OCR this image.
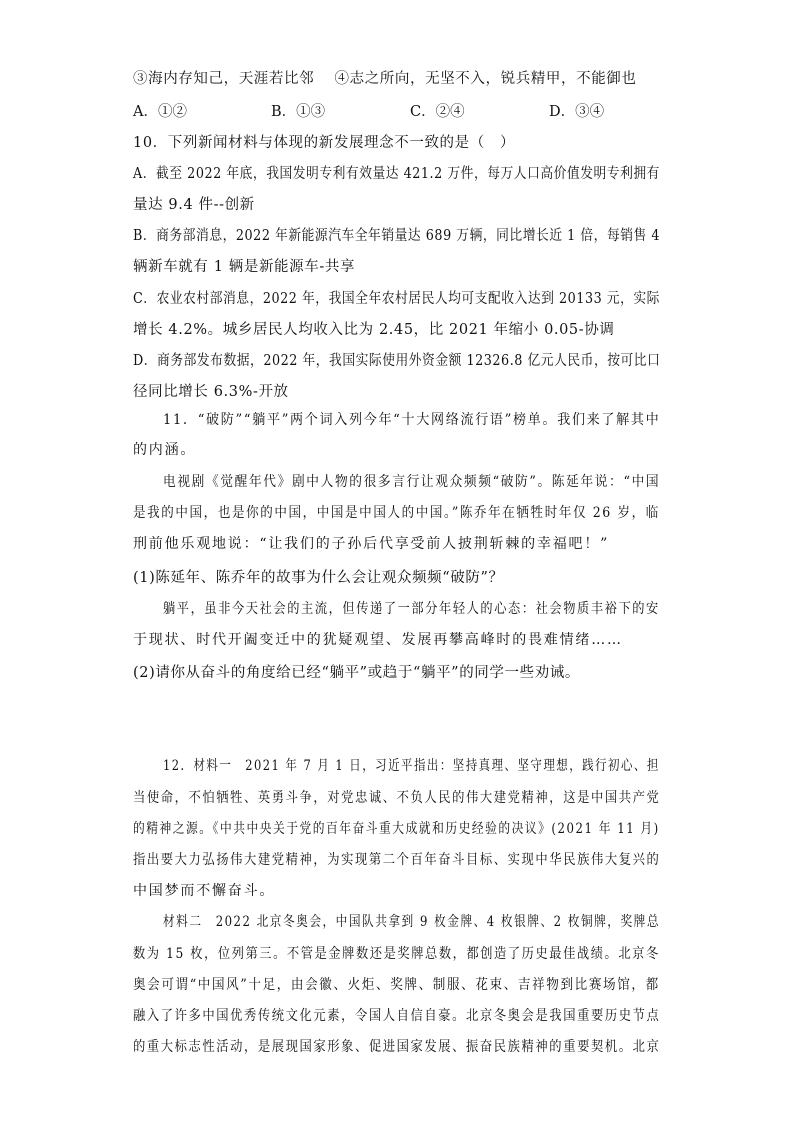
③海内存知己，天涯若比邻　 ④志之所向，无坚不入，锐兵精甲，不能御也
A．①②	B．①③	C．②④	D．③④
10．下列新闻材料与体现的新发展理念不一致的是（　）
A．截至 2022 年底，我国发明专利有效量达 421.2 万件，每万人口高价值发明专利拥有
量达 9.4 件--创新
B．商务部消息，2022 年新能源汽车全年销量达 689 万辆，同比增长近 1 倍，每销售 4
辆新车就有 1 辆是新能源车-共享
C．农业农村部消息，2022 年，我国全年农村居民人均可支配收入达到 20133 元，实际
增长 4.2%。城乡居民人均收入比为 2.45，比 2021 年缩小 0.05-协调
D．商务部发布数据，2022 年，我国实际使用外资金额 12326.8 亿元人民币，按可比口
径同比增长 6.3%-开放
11．“破防”“躺平”两个词入列今年“十大网络流行语”榜单。我们来了解其中
的内涵。
电视剧《觉醒年代》剧中人物的很多言行让观众频频“破防”。陈延年说：“中国
是我的中国，也是你的中国，中国是中国人的中国。”陈乔年在牺牲时年仅 26 岁，临
刑前他乐观地说：“让我们的子孙后代享受前人披荆斩棘的幸福吧！”
(1)陈延年、陈乔年的故事为什么会让观众频频“破防”？
躺平，虽非今天社会的主流，但传递了一部分年轻人的心态：社会物质丰裕下的安
于现状、时代开阖变迁中的犹疑观望、发展再攀高峰时的畏难情绪……
(2)请你从奋斗的角度给已经“躺平”或趋于“躺平”的同学一些劝诫。
12．材料一　2021 年 7 月 1 日，习近平指出：坚持真理、坚守理想，践行初心、担
当使命，不怕牺牲、英勇斗争，对党忠诚、不负人民的伟大建党精神，这是中国共产党
的精神之源。《中共中央关于党的百年奋斗重大成就和历史经验的决议》(2021 年 11 月)
指出要大力弘扬伟大建党精神，为实现第二个百年奋斗目标、实现中华民族伟大复兴的
中国梦而不懈奋斗。
材料二　2022 北京冬奥会，中国队共拿到 9 枚金牌、4 枚银牌、2 枚铜牌，奖牌总
数为 15 枚，位列第三。不管是金牌数还是奖牌总数，都创造了历史最佳战绩。北京冬
奥会可谓“中国风”十足，由会徽、火炬、奖牌、制服、花束、吉祥物到比赛场馆，都
融入了许多中国优秀传统文化元素，令国人自信自豪。北京冬奥会是我国重要历史节点
的重大标志性活动，是展现国家形象、促进国家发展、振奋民族精神的重要契机。北京
